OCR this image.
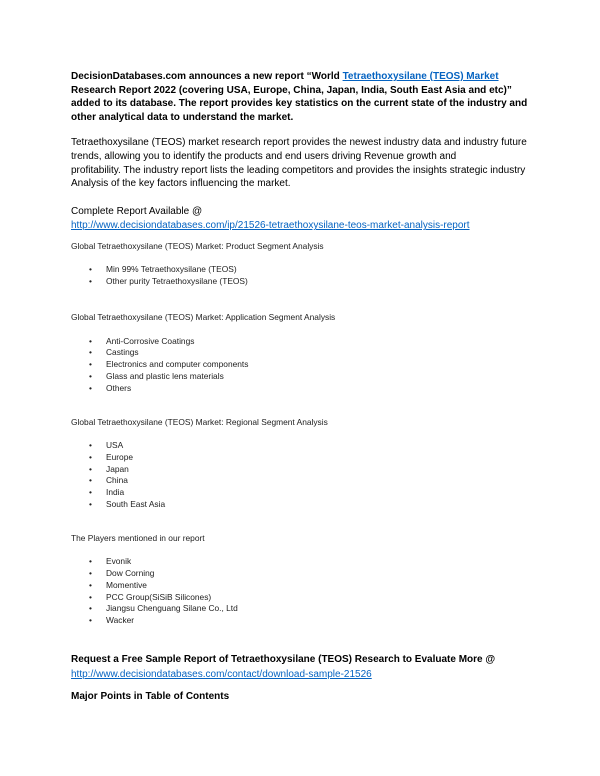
DecisionDatabases.com announces a new report “World Tetraethoxysilane (TEOS) Market Research Report 2022 (covering USA, Europe, China, Japan, India, South East Asia and etc)” added to its database. The report provides key statistics on the current state of the industry and other analytical data to understand the market.

Tetraethoxysilane (TEOS) market research report provides the newest industry data and industry future trends, allowing you to identify the products and end users driving Revenue growth and
profitability. The industry report lists the leading competitors and provides the insights strategic industry Analysis of the key factors influencing the market.

Complete Report Available @

http://www.decisiondatabases.com/ip/21526-tetraethoxysilane-teos-market-analysis-report

Global Tetraethoxysilane (TEOS) Market: Product Segment Analysis

• Min 99% Tetraethoxysilane (TEOS)
• Other purity Tetraethoxysilane (TEOS)

Global Tetraethoxysilane (TEOS) Market: Application Segment Analysis

• Anti-Corrosive Coatings
• Castings
• Electronics and computer components
• Glass and plastic lens materials
• Others

Global Tetraethoxysilane (TEOS) Market: Regional Segment Analysis

• USA
• Europe
• Japan
• China
• India
• South East Asia

The Players mentioned in our report

• Evonik
• Dow Corning
• Momentive
• PCC Group(SiSiB Silicones)
• Jiangsu Chenguang Silane Co., Ltd
• Wacker

Request a Free Sample Report of Tetraethoxysilane (TEOS) Research to Evaluate More @

http://www.decisiondatabases.com/contact/download-sample-21526

Major Points in Table of Contents
